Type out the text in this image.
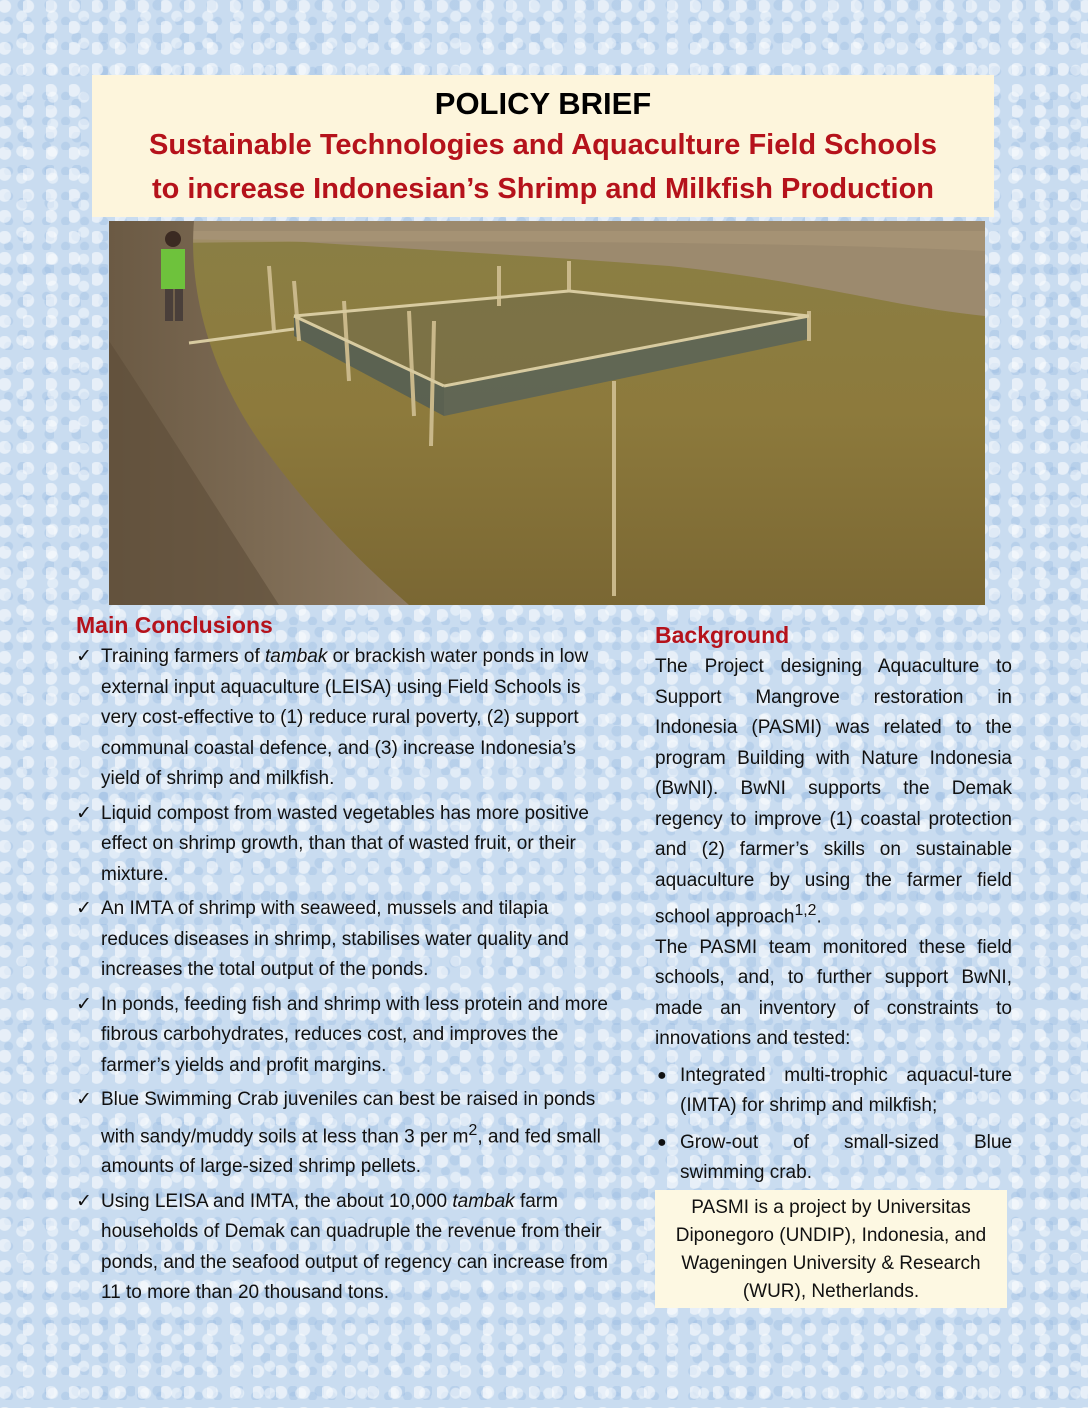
POLICY BRIEF
Sustainable Technologies and Aquaculture Field Schools
to increase Indonesian’s Shrimp and Milkfish Production
Main Conclusions
✓ Training farmers of tambak or brackish water ponds in low external input aquaculture (LEISA) using Field Schools is very cost-effective to (1) reduce rural poverty, (2) support communal coastal defence, and (3) increase Indonesia’s yield of shrimp and milkfish.
✓ Liquid compost from wasted vegetables has more positive effect on shrimp growth, than that of wasted fruit, or their mixture.
✓ An IMTA of shrimp with seaweed, mussels and tilapia reduces diseases in shrimp, stabilises water quality and increases the total output of the ponds.
✓ In ponds, feeding fish and shrimp with less protein and more fibrous carbohydrates, reduces cost, and improves the farmer’s yields and profit margins.
✓ Blue Swimming Crab juveniles can best be raised in ponds with sandy/muddy soils at less than 3 per $m^2$, and fed small amounts of large-sized shrimp pellets.
✓ Using LEISA and IMTA, the about 10,000 tambak farm households of Demak can quadruple the revenue from their ponds, and the seafood output of regency can increase from 11 to more than 20 thousand tons.
Background

The Project designing Aquaculture to Support Mangrove restoration in Indonesia (PASMI) was related to the program Building with Nature Indonesia (BwNI). BwNI supports the Demak regency to improve (1) coastal protection and (2) farmer’s skills on sustainable aquaculture by using the farmer field school approach$^{1,2}$.

The PASMI team monitored these field schools, and, to further support BwNI, made an inventory of constraints to innovations and tested:

● Integrated multi-trophic aquacul-ture (IMTA) for shrimp and milkfish;
● Grow-out of small-sized Blue swimming crab.
PASMI is a project by Universitas Diponegoro (UNDIP), Indonesia, and Wageningen University & Research (WUR), Netherlands.
